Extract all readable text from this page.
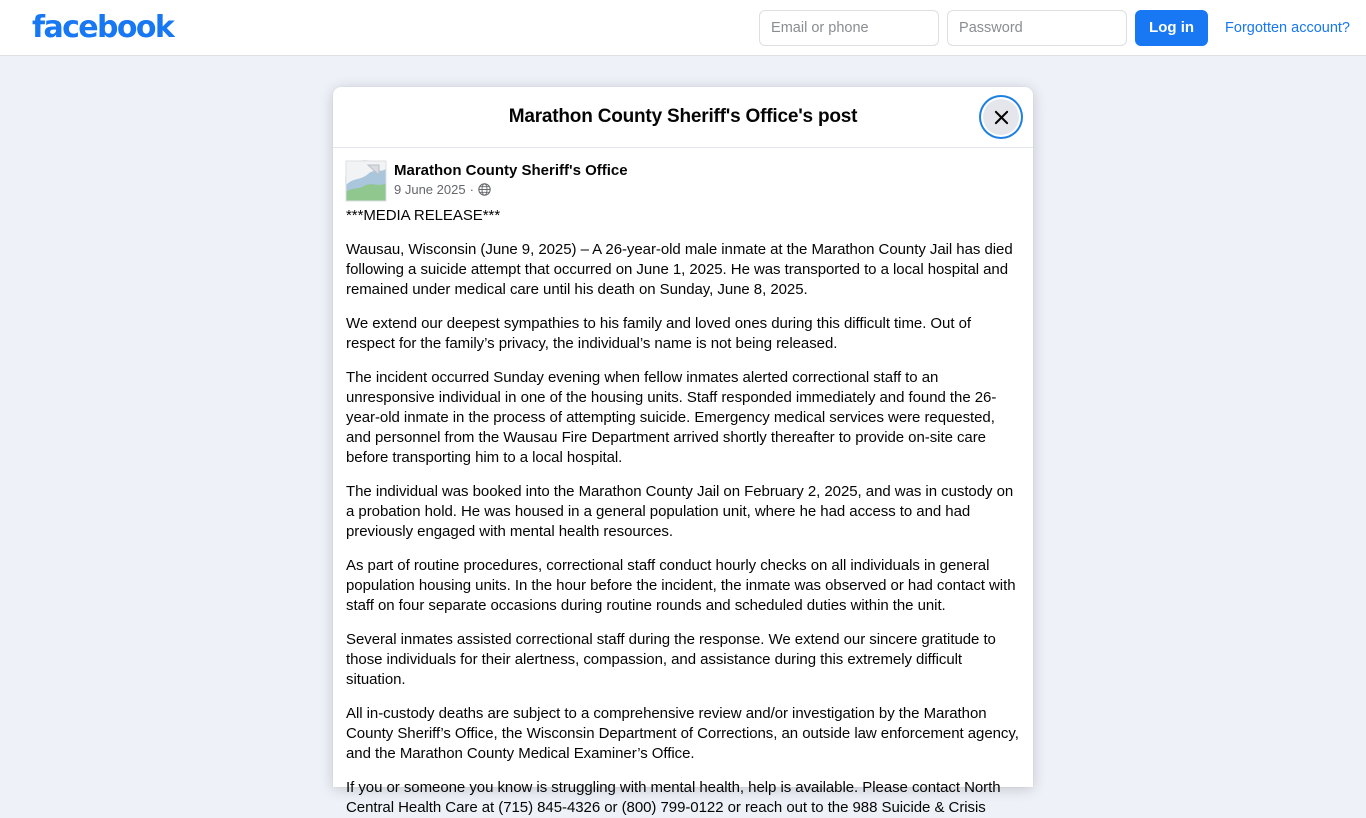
facebook
Email or phone	Log in	Forgotten account?
Marathon County Sheriff's Office's post
Marathon County Sheriff's Office
9 June 2025 ·

***MEDIA RELEASE***

Wausau, Wisconsin (June 9, 2025) – A 26-year-old male inmate at the Marathon County Jail has died following a suicide attempt that occurred on June 1, 2025. He was transported to a local hospital and remained under medical care until his death on Sunday, June 8, 2025.

We extend our deepest sympathies to his family and loved ones during this difficult time. Out of respect for the family’s privacy, the individual’s name is not being released.

The incident occurred Sunday evening when fellow inmates alerted correctional staff to an unresponsive individual in one of the housing units. Staff responded immediately and found the 26-year-old inmate in the process of attempting suicide. Emergency medical services were requested, and personnel from the Wausau Fire Department arrived shortly thereafter to provide on-site care before transporting him to a local hospital.

The individual was booked into the Marathon County Jail on February 2, 2025, and was in custody on a probation hold. He was housed in a general population unit, where he had access to and had previously engaged with mental health resources.

As part of routine procedures, correctional staff conduct hourly checks on all individuals in general population housing units. In the hour before the incident, the inmate was observed or had contact with staff on four separate occasions during routine rounds and scheduled duties within the unit.

Several inmates assisted correctional staff during the response. We extend our sincere gratitude to those individuals for their alertness, compassion, and assistance during this extremely difficult situation.

All in-custody deaths are subject to a comprehensive review and/or investigation by the Marathon County Sheriff’s Office, the Wisconsin Department of Corrections, an outside law enforcement agency, and the Marathon County Medical Examiner’s Office.

If you or someone you know is struggling with mental health, help is available. Please contact North Central Health Care at (715) 845-4326 or (800) 799-0122 or reach out to the 988 Suicide & Crisis
